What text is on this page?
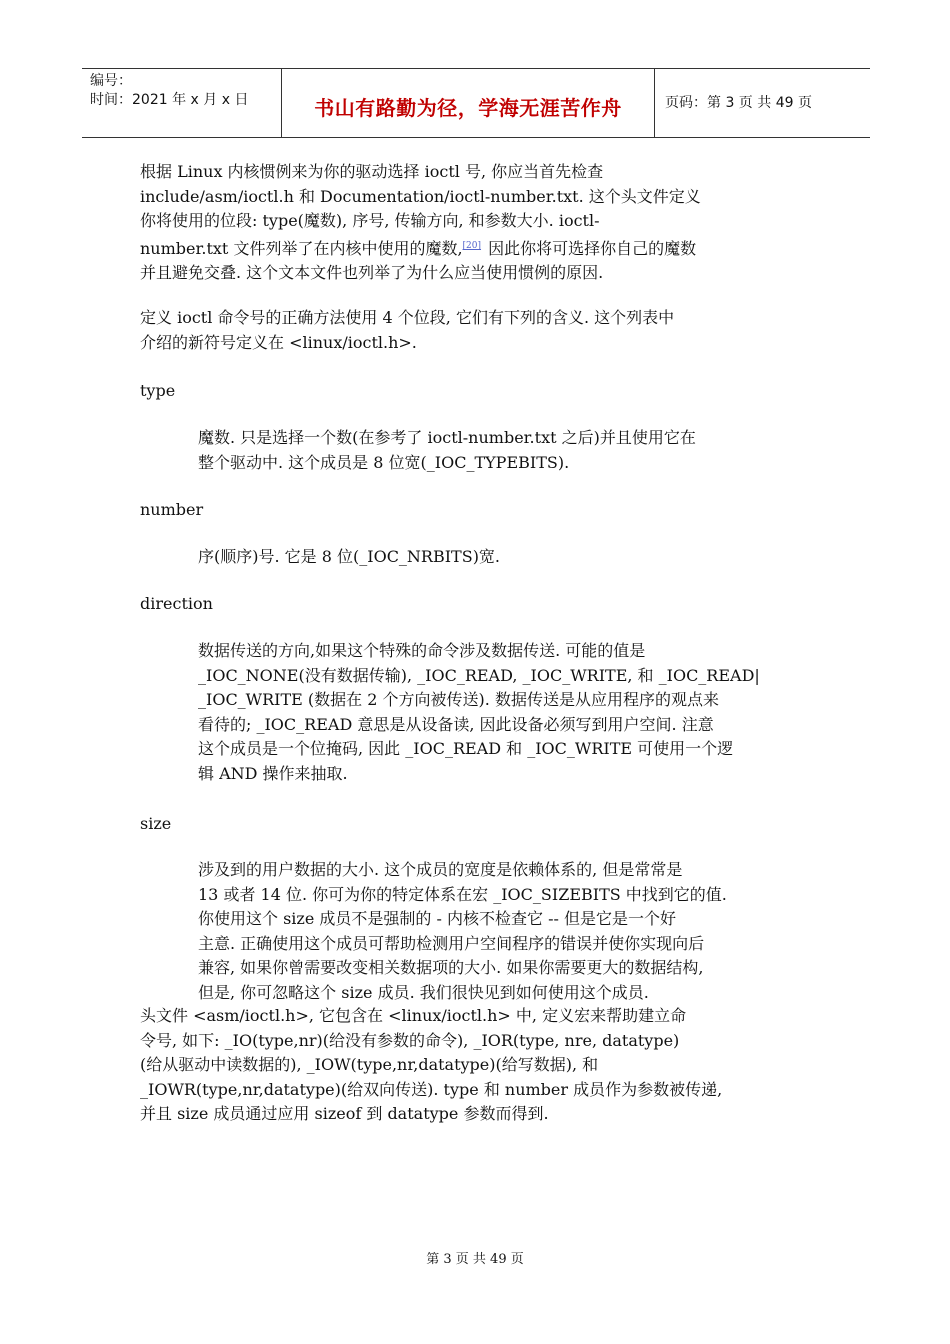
编号：
时间：2021 年 x 月 x 日	书山有路勤为径，学海无涯苦作舟	页码：第 3 页 共 49 页
根据 Linux 内核惯例来为你的驱动选择 ioctl 号, 你应当首先检查
include/asm/ioctl.h 和 Documentation/ioctl-number.txt. 这个头文件定义
你将使用的位段: type(魔数), 序号, 传输方向, 和参数大小. ioctl-
number.txt 文件列举了在内核中使用的魔数,[20] 因此你将可选择你自己的魔数
并且避免交叠. 这个文本文件也列举了为什么应当使用惯例的原因.
定义 ioctl 命令号的正确方法使用 4 个位段, 它们有下列的含义. 这个列表中
介绍的新符号定义在 <linux/ioctl.h>.
type
魔数. 只是选择一个数(在参考了 ioctl-number.txt 之后)并且使用它在
整个驱动中. 这个成员是 8 位宽(_IOC_TYPEBITS).
number
序(顺序)号. 它是 8 位(_IOC_NRBITS)宽.
direction
数据传送的方向,如果这个特殊的命令涉及数据传送. 可能的值是
_IOC_NONE(没有数据传输), _IOC_READ, _IOC_WRITE, 和 _IOC_READ|
_IOC_WRITE (数据在 2 个方向被传送). 数据传送是从应用程序的观点来
看待的; _IOC_READ 意思是从设备读, 因此设备必须写到用户空间. 注意
这个成员是一个位掩码, 因此 _IOC_READ 和 _IOC_WRITE 可使用一个逻
辑 AND 操作来抽取.
size
涉及到的用户数据的大小. 这个成员的宽度是依赖体系的, 但是常常是
13 或者 14 位. 你可为你的特定体系在宏 _IOC_SIZEBITS 中找到它的值.
你使用这个 size 成员不是强制的 - 内核不检查它 -- 但是它是一个好
主意. 正确使用这个成员可帮助检测用户空间程序的错误并使你实现向后
兼容, 如果你曾需要改变相关数据项的大小. 如果你需要更大的数据结构,
但是, 你可忽略这个 size 成员. 我们很快见到如何使用这个成员.
头文件 <asm/ioctl.h>, 它包含在 <linux/ioctl.h> 中, 定义宏来帮助建立命
令号, 如下: _IO(type,nr)(给没有参数的命令), _IOR(type, nre, datatype)
(给从驱动中读数据的), _IOW(type,nr,datatype)(给写数据), 和
_IOWR(type,nr,datatype)(给双向传送). type 和 number 成员作为参数被传递,
并且 size 成员通过应用 sizeof 到 datatype 参数而得到.
第 3 页 共 49 页
